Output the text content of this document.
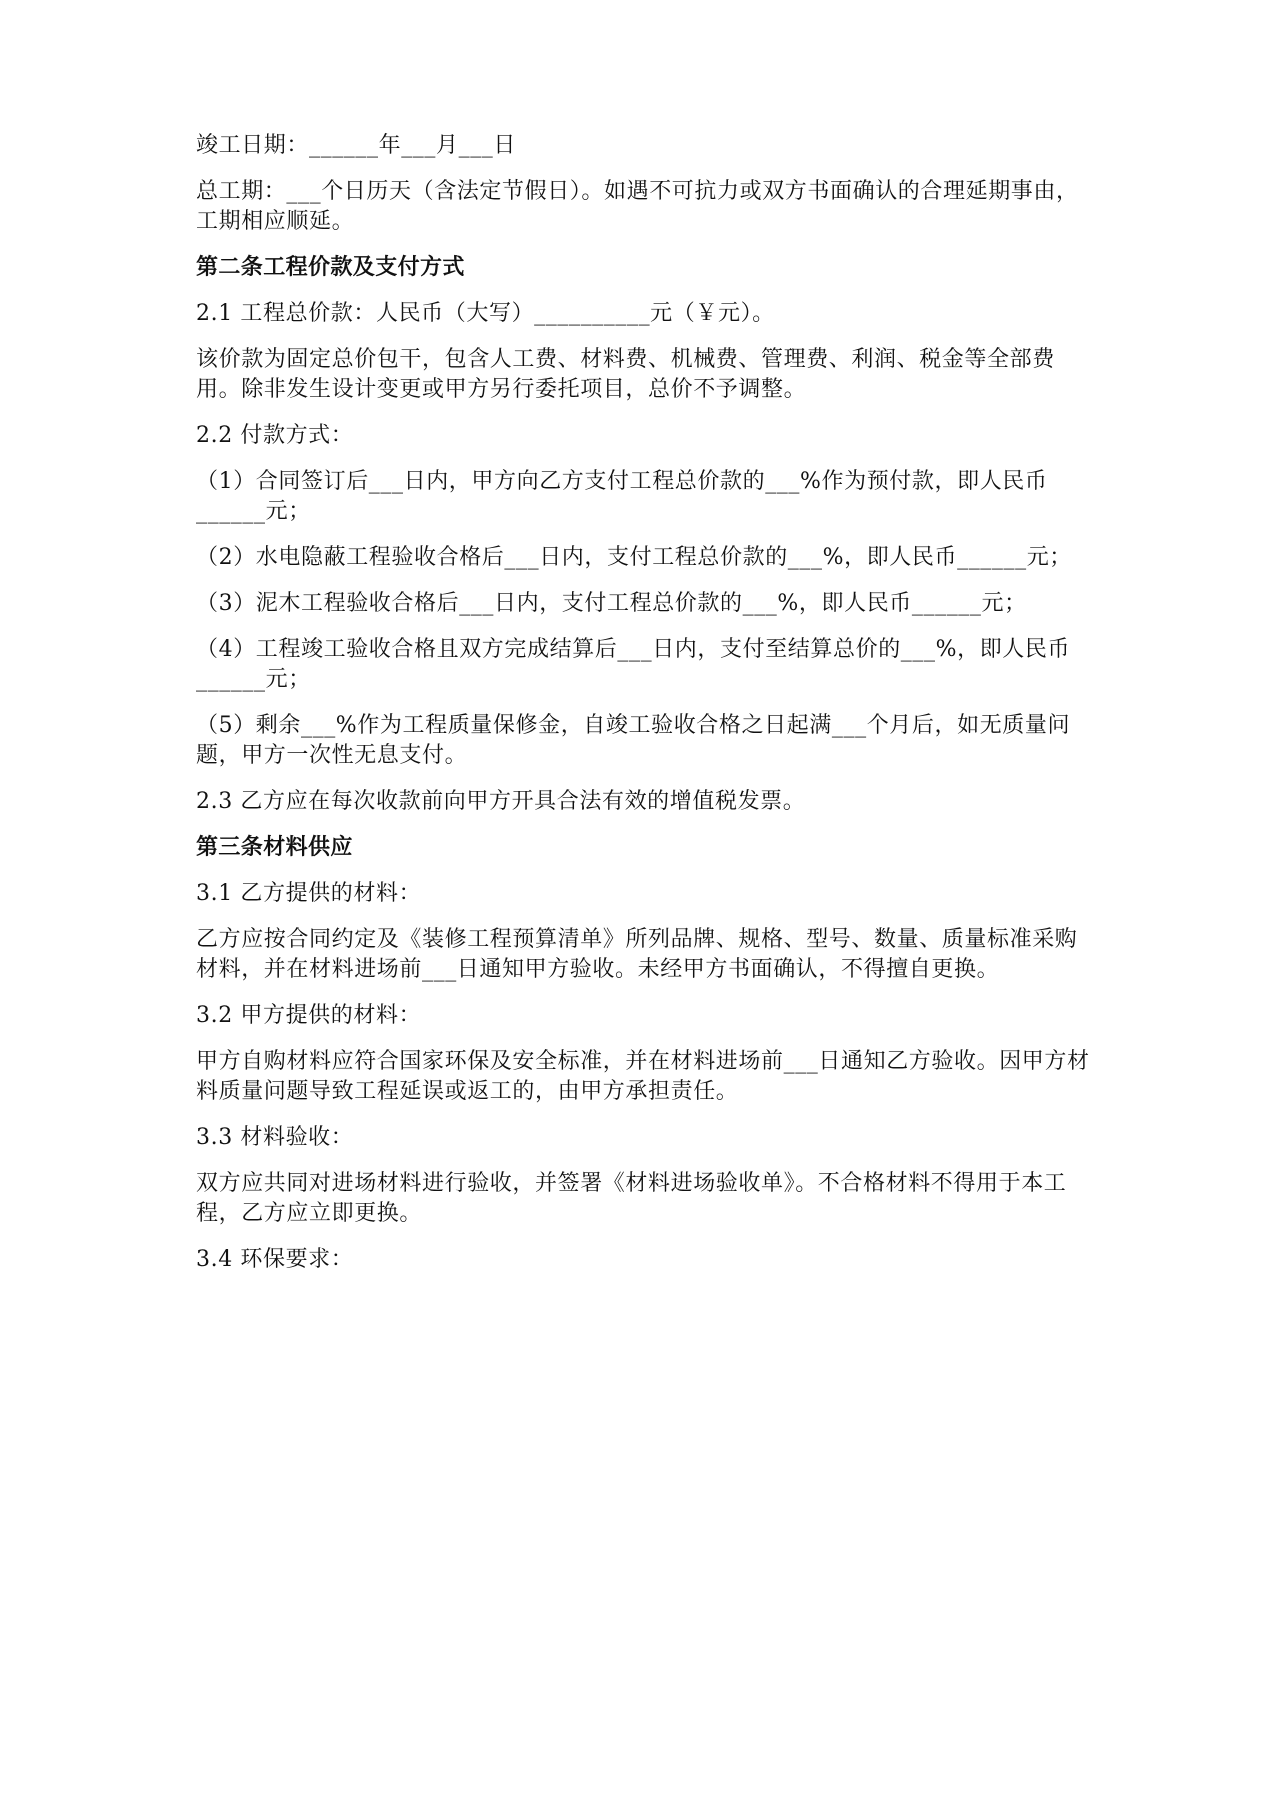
竣工日期：______年___月___日

总工期：___个日历天（含法定节假日）。如遇不可抗力或双方书面确认的合理延期事由，工期相应顺延。

第二条工程价款及支付方式

2.1 工程总价款：人民币（大写）__________元（￥元）。

该价款为固定总价包干，包含人工费、材料费、机械费、管理费、利润、税金等全部费用。除非发生设计变更或甲方另行委托项目，总价不予调整。

2.2 付款方式：

（1）合同签订后___日内，甲方向乙方支付工程总价款的___%作为预付款，即人民币______元；

（2）水电隐蔽工程验收合格后___日内，支付工程总价款的___%，即人民币______元；

（3）泥木工程验收合格后___日内，支付工程总价款的___%，即人民币______元；

（4）工程竣工验收合格且双方完成结算后___日内，支付至结算总价的___%，即人民币______元；

（5）剩余___%作为工程质量保修金，自竣工验收合格之日起满___个月后，如无质量问题，甲方一次性无息支付。

2.3 乙方应在每次收款前向甲方开具合法有效的增值税发票。

第三条材料供应

3.1 乙方提供的材料：

乙方应按合同约定及《装修工程预算清单》所列品牌、规格、型号、数量、质量标准采购材料，并在材料进场前___日通知甲方验收。未经甲方书面确认，不得擅自更换。

3.2 甲方提供的材料：

甲方自购材料应符合国家环保及安全标准，并在材料进场前___日通知乙方验收。因甲方材料质量问题导致工程延误或返工的，由甲方承担责任。

3.3 材料验收：

双方应共同对进场材料进行验收，并签署《材料进场验收单》。不合格材料不得用于本工程，乙方应立即更换。

3.4 环保要求：
